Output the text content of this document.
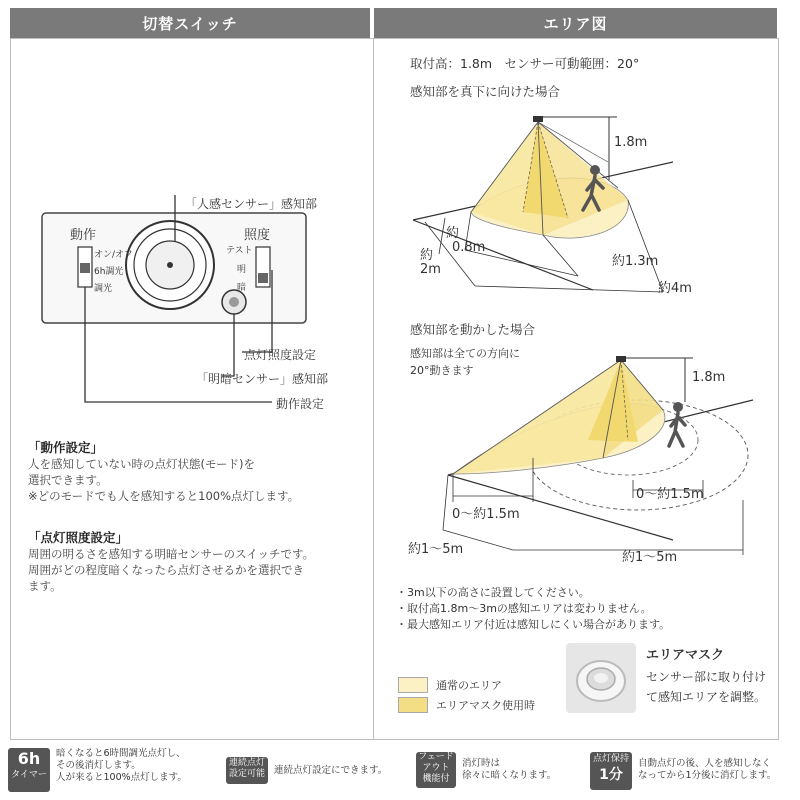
切替スイッチ	エリア図
動作	照度
オン/オフ
6h調光
調光
テスト
明
暗
「人感センサー」感知部
点灯照度設定
「明暗センサー」感知部
動作設定
「動作設定」
人を感知していない時の点灯状態(モード)を
選択できます。
※どのモードでも人を感知すると100%点灯します。
「点灯照度設定」
周囲の明るさを感知する明暗センサーのスイッチです。
周囲がどの程度暗くなったら点灯させるかを選択でき
ます。
取付高：1.8m　センサー可動範囲：20°
感知部を真下に向けた場合
1.8m
約
0.8m
約
2m
約1.3m
約4m
感知部を動かした場合
感知部は全ての方向に
20°動きます	1.8m
0～約1.5m
0～約1.5m
約1～5m
約1～5m
・3m以下の高さに設置してください。
・取付高1.8m～3mの感知エリアは変わりません。
・最大感知エリア付近は感知しにくい場合があります。
通常のエリア
エリアマスク使用時
エリアマスク
センサー部に取り付け
て感知エリアを調整。
6h
タイマー
暗くなると6時間調光点灯し、
その後消灯します。
人が来ると100%点灯します。
連続点灯
設定可能 連続点灯設定にできます。
フェード
アウト
機能付
消灯時は
徐々に暗くなります。
点灯保持
1分
自動点灯の後、人を感知しなく
なってから1分後に消灯します。
